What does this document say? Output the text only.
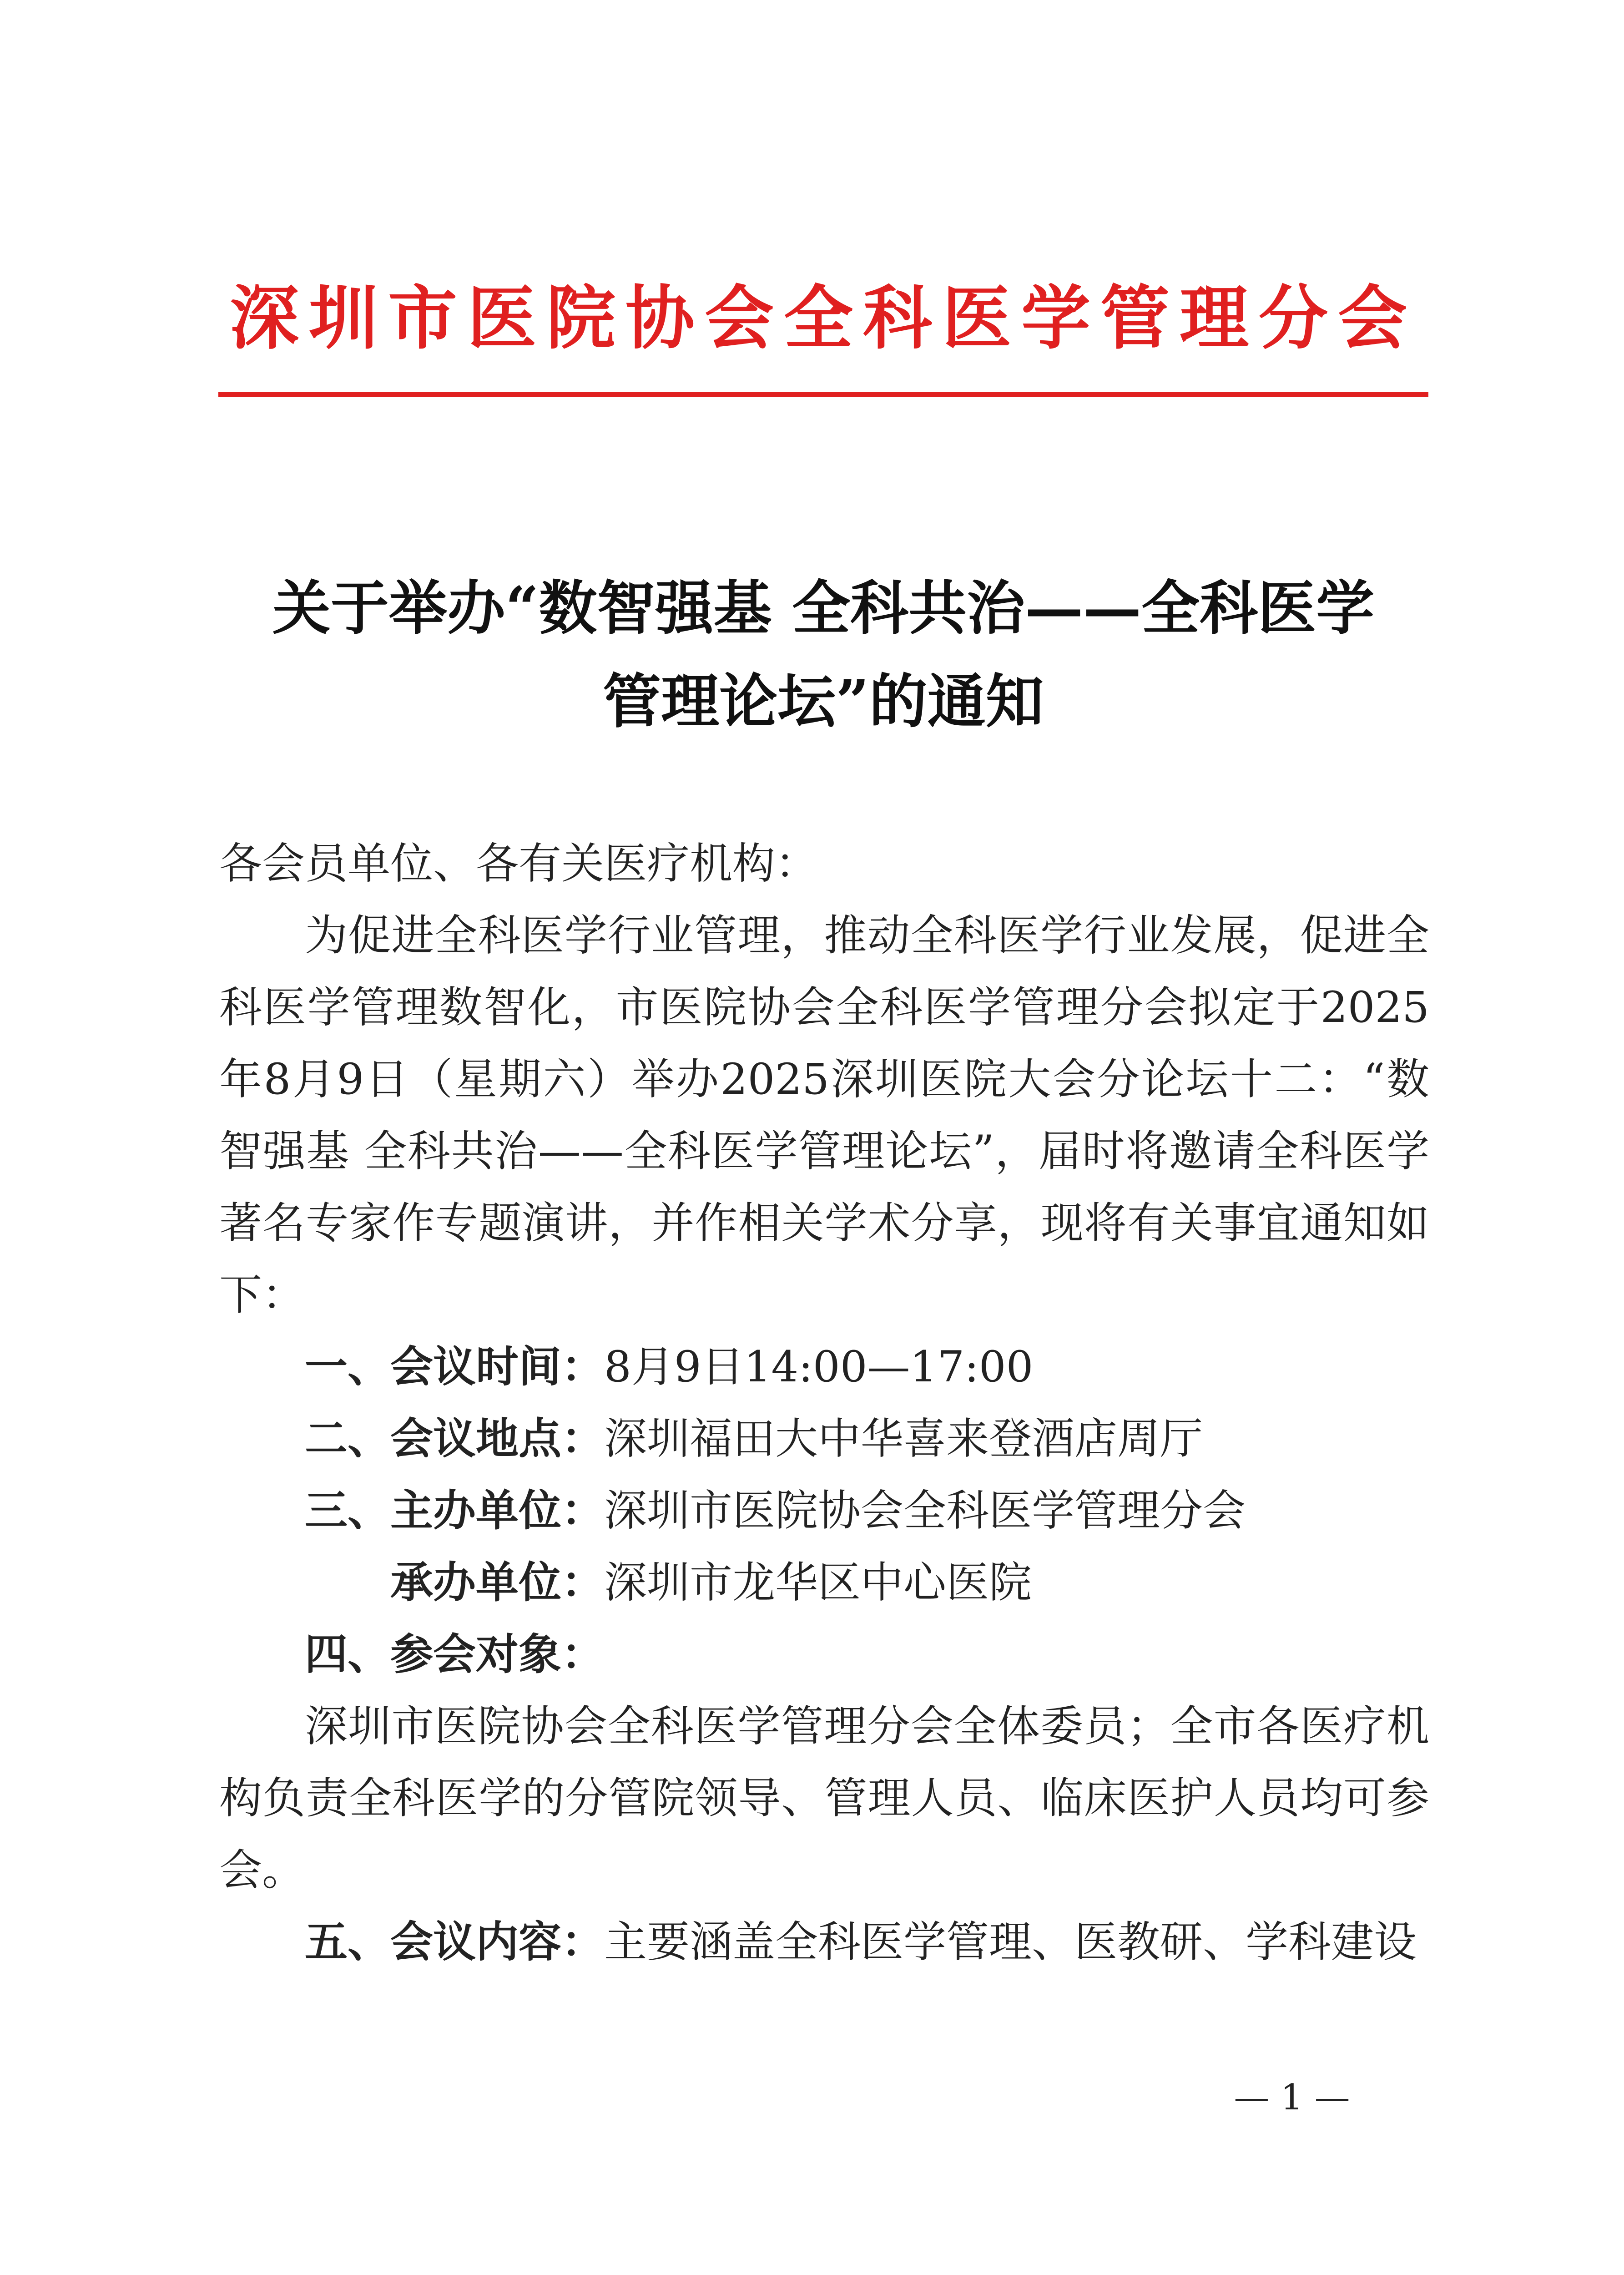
深圳市医院协会全科医学管理分会
关于举办“数智强基 全科共治——全科医学
管理论坛”的通知
各会员单位、各有关医疗机构：
为促进全科医学行业管理，推动全科医学行业发展，促进全
科医学管理数智化，市医院协会全科医学管理分会拟定于2025
年8月9日（星期六）举办2025深圳医院大会分论坛十二：“数
智强基 全科共治——全科医学管理论坛”，届时将邀请全科医学
著名专家作专题演讲，并作相关学术分享，现将有关事宜通知如
下：
一、会议时间：8月9日14:00—17:00
二、会议地点：深圳福田大中华喜来登酒店周厅
三、主办单位：深圳市医院协会全科医学管理分会
承办单位：深圳市龙华区中心医院
四、参会对象：
深圳市医院协会全科医学管理分会全体委员；全市各医疗机
构负责全科医学的分管院领导、管理人员、临床医护人员均可参
会。
五、会议内容：主要涵盖全科医学管理、医教研、学科建设
— 1 —
